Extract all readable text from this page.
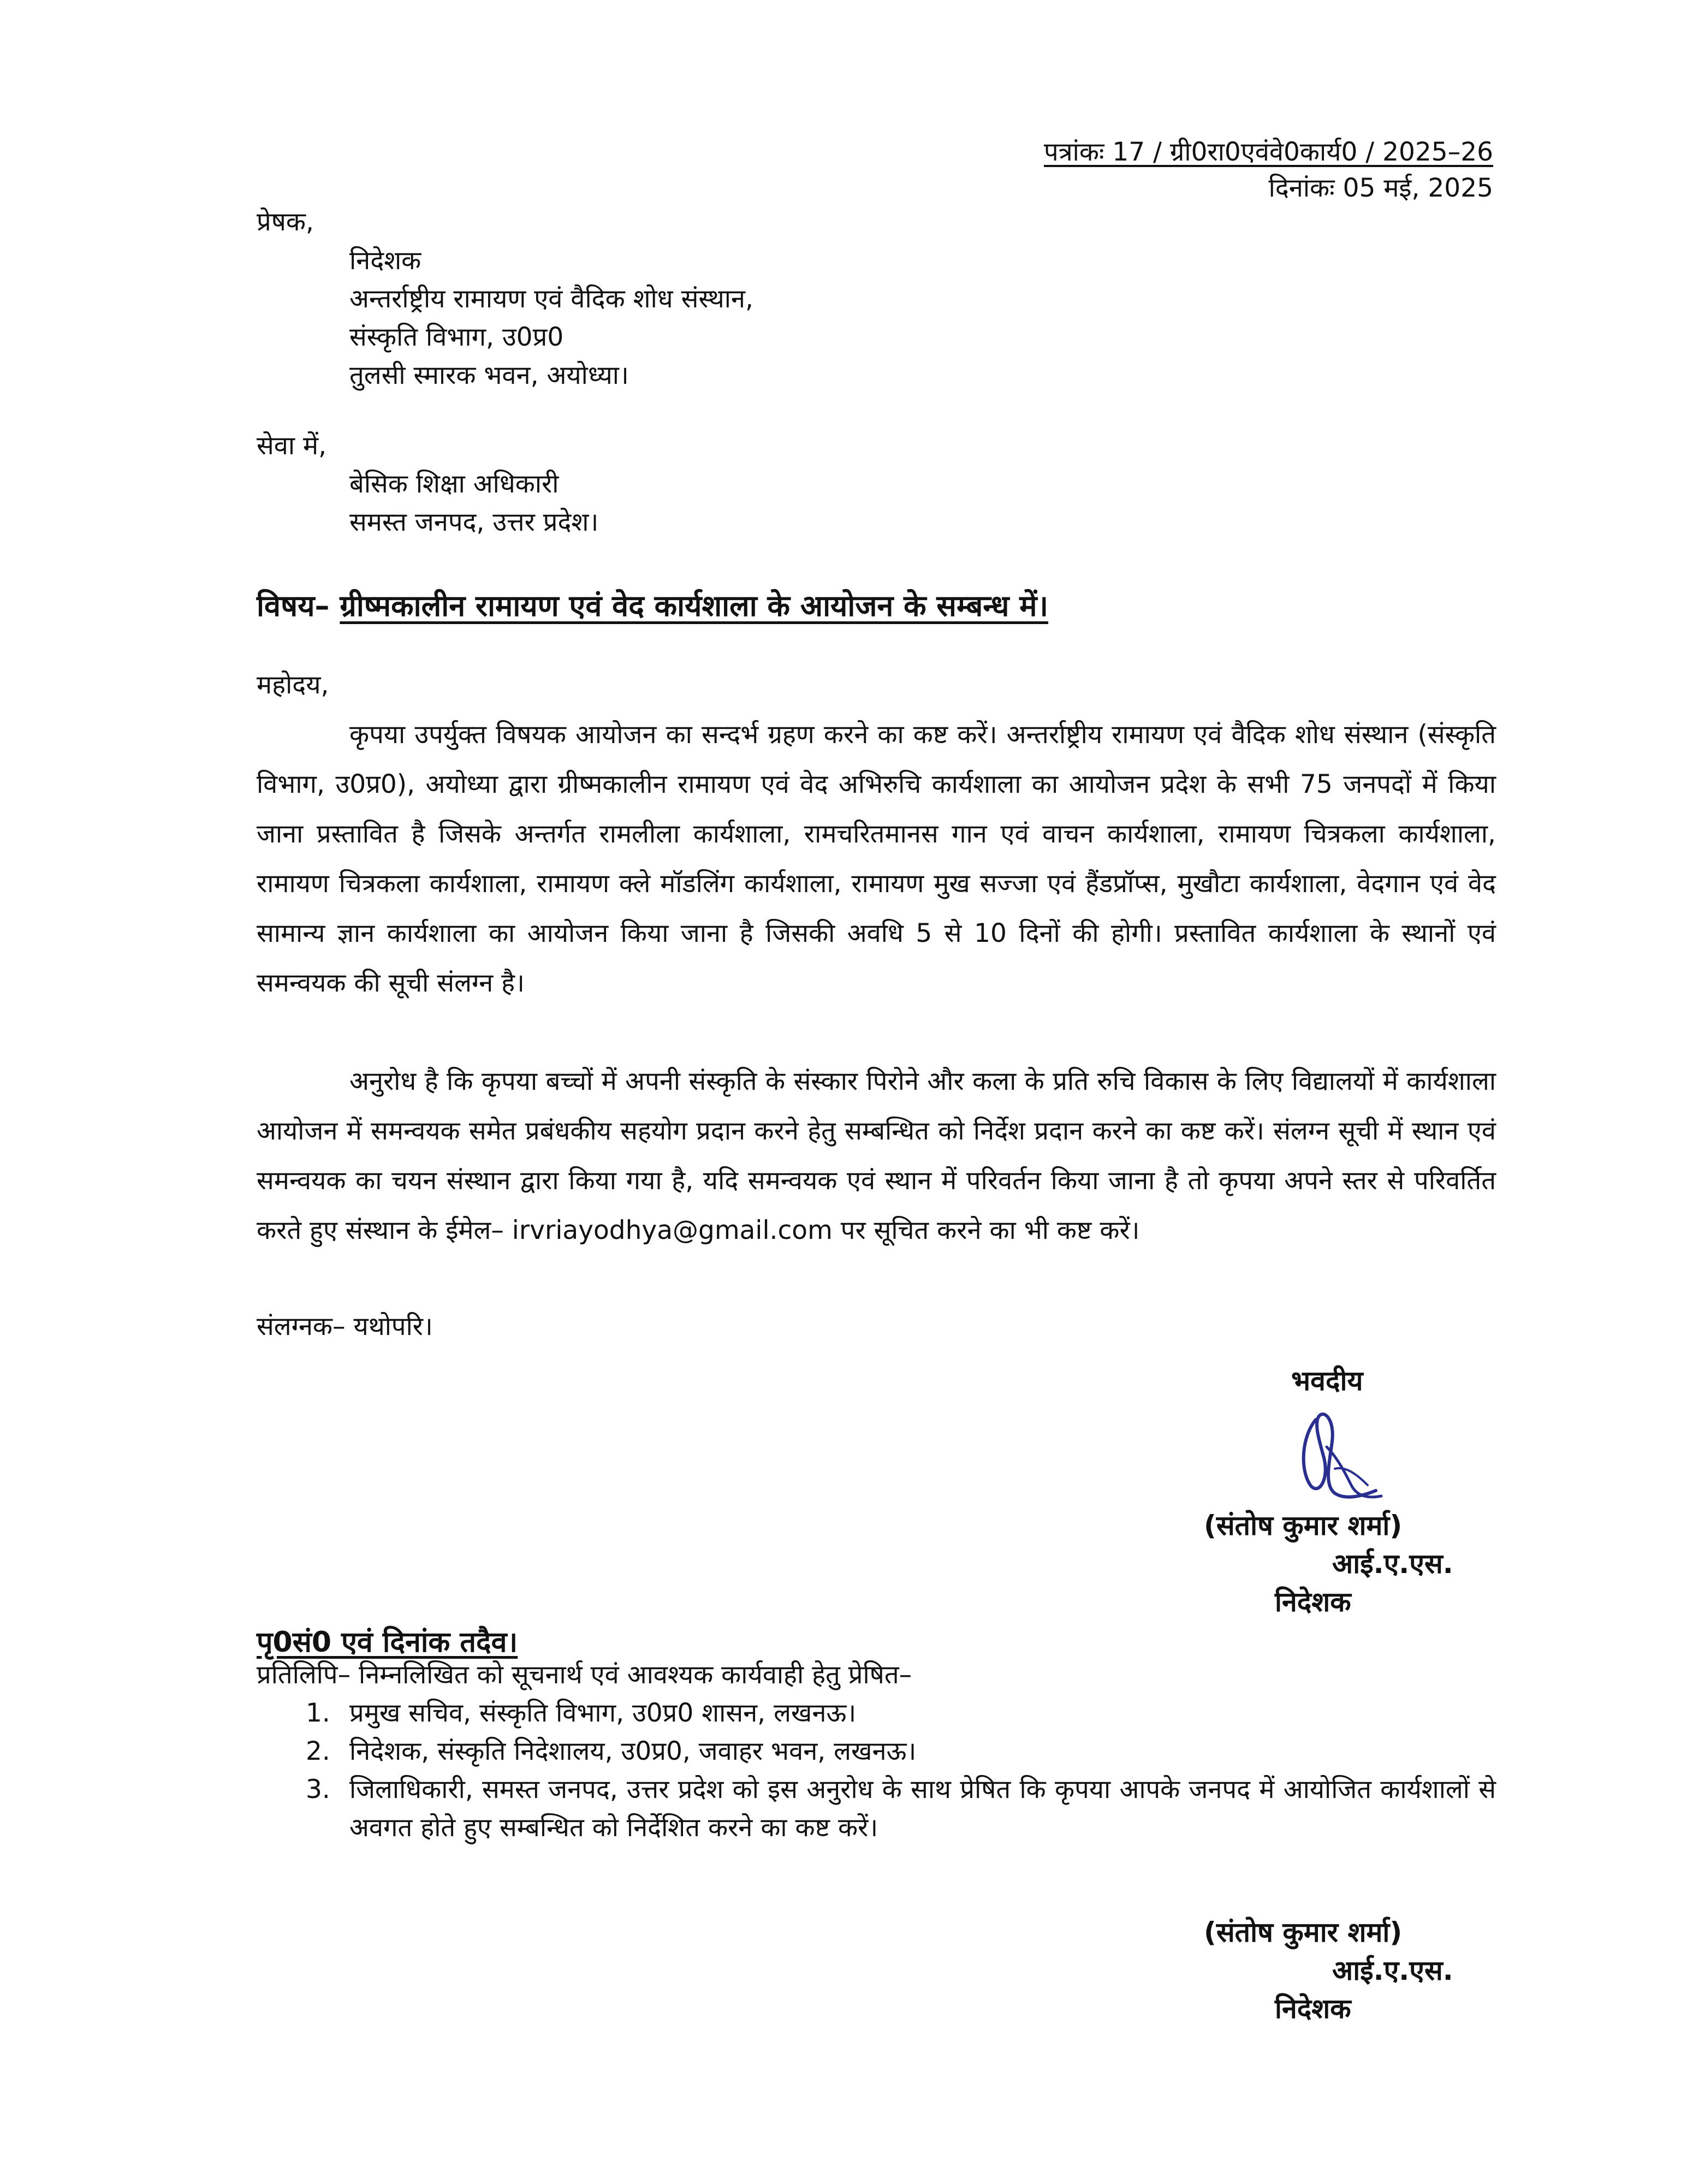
पत्रांकः 17 / ग्री0रा0एवंवे0कार्य0 / 2025–26
दिनांकः 05 मई, 2025
प्रेषक,
निदेशक
अन्तर्राष्ट्रीय रामायण एवं वैदिक शोध संस्थान,
संस्कृति विभाग, उ0प्र0
तुलसी स्मारक भवन, अयोध्या।
सेवा में,
बेसिक शिक्षा अधिकारी
समस्त जनपद, उत्तर प्रदेश।
विषय– ग्रीष्मकालीन रामायण एवं वेद कार्यशाला के आयोजन के सम्बन्ध में।
महोदय,
कृपया उपर्युक्त विषयक आयोजन का सन्दर्भ ग्रहण करने का कष्ट करें। अन्तर्राष्ट्रीय रामायण एवं वैदिक शोध संस्थान (संस्कृति विभाग, उ0प्र0), अयोध्या द्वारा ग्रीष्मकालीन रामायण एवं वेद अभिरुचि कार्यशाला का आयोजन प्रदेश के सभी 75 जनपदों में किया जाना प्रस्तावित है जिसके अन्तर्गत रामलीला कार्यशाला, रामचरितमानस गान एवं वाचन कार्यशाला, रामायण चित्रकला कार्यशाला, रामायण चित्रकला कार्यशाला, रामायण क्ले मॉडलिंग कार्यशाला, रामायण मुख सज्जा एवं हैंडप्रॉप्स, मुखौटा कार्यशाला, वेदगान एवं वेद सामान्य ज्ञान कार्यशाला का आयोजन किया जाना है जिसकी अवधि 5 से 10 दिनों की होगी। प्रस्तावित कार्यशाला के स्थानों एवं समन्वयक की सूची संलग्न है।
अनुरोध है कि कृपया बच्चों में अपनी संस्कृति के संस्कार पिरोने और कला के प्रति रुचि विकास के लिए विद्यालयों में कार्यशाला आयोजन में समन्वयक समेत प्रबंधकीय सहयोग प्रदान करने हेतु सम्बन्धित को निर्देश प्रदान करने का कष्ट करें। संलग्न सूची में स्थान एवं समन्वयक का चयन संस्थान द्वारा किया गया है, यदि समन्वयक एवं स्थान में परिवर्तन किया जाना है तो कृपया अपने स्तर से परिवर्तित करते हुए संस्थान के ईमेल– irvriayodhya@gmail.com पर सूचित करने का भी कष्ट करें।
संलग्नक– यथोपरि।
भवदीय
(संतोष कुमार शर्मा)
आई.ए.एस.
निदेशक
पृ0सं0 एवं दिनांक तदैव।
प्रतिलिपि– निम्नलिखित को सूचनार्थ एवं आवश्यक कार्यवाही हेतु प्रेषित–
1. प्रमुख सचिव, संस्कृति विभाग, उ0प्र0 शासन, लखनऊ।
2. निदेशक, संस्कृति निदेशालय, उ0प्र0, जवाहर भवन, लखनऊ।
3. जिलाधिकारी, समस्त जनपद, उत्तर प्रदेश को इस अनुरोध के साथ प्रेषित कि कृपया आपके जनपद में आयोजित कार्यशालों से अवगत होते हुए सम्बन्धित को निर्देशित करने का कष्ट करें।
(संतोष कुमार शर्मा)
आई.ए.एस.
निदेशक
